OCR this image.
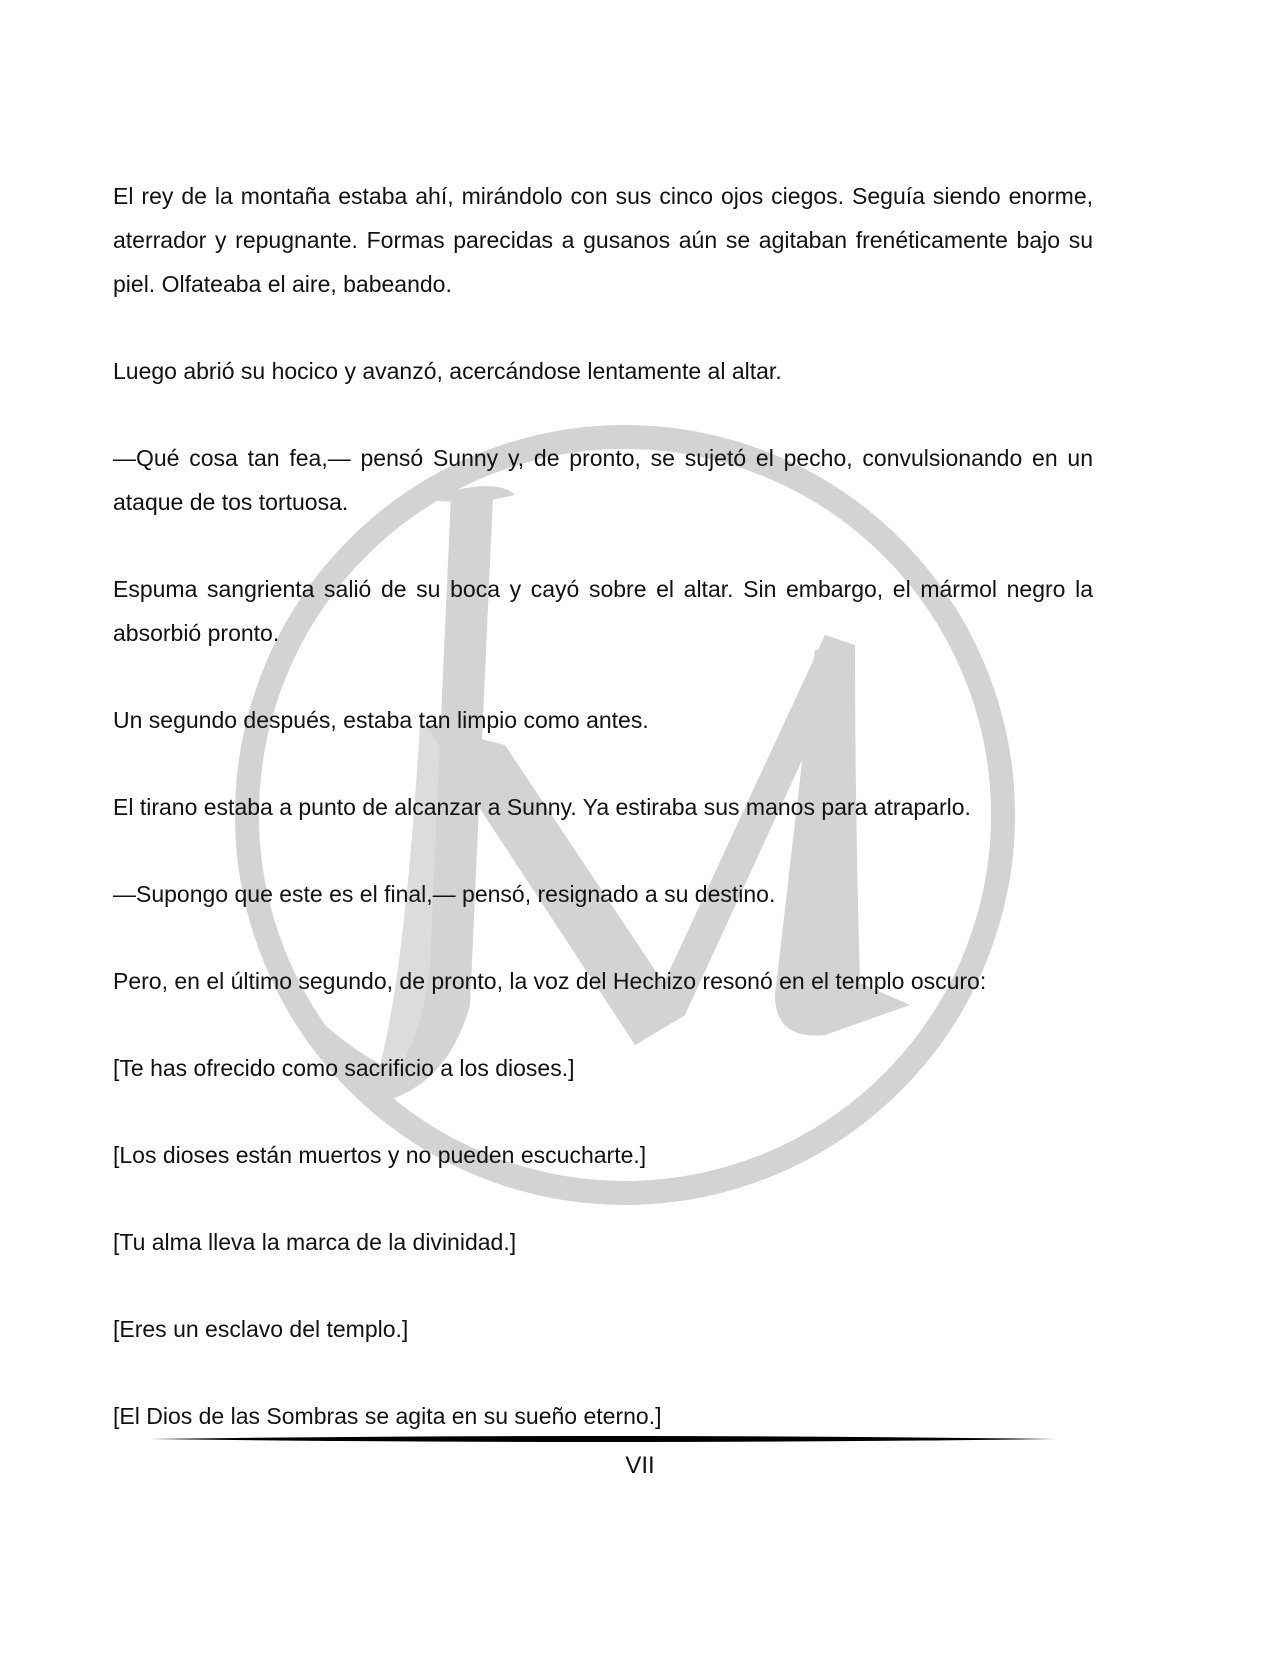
El rey de la montaña estaba ahí, mirándolo con sus cinco ojos ciegos. Seguía siendo enorme, aterrador y repugnante. Formas parecidas a gusanos aún se agitaban frenéticamente bajo su piel. Olfateaba el aire, babeando.

Luego abrió su hocico y avanzó, acercándose lentamente al altar.

—Qué cosa tan fea,— pensó Sunny y, de pronto, se sujetó el pecho, convulsionando en un ataque de tos tortuosa.

Espuma sangrienta salió de su boca y cayó sobre el altar. Sin embargo, el mármol negro la absorbió pronto.

Un segundo después, estaba tan limpio como antes.

El tirano estaba a punto de alcanzar a Sunny. Ya estiraba sus manos para atraparlo.

—Supongo que este es el final,— pensó, resignado a su destino.

Pero, en el último segundo, de pronto, la voz del Hechizo resonó en el templo oscuro:

[Te has ofrecido como sacrificio a los dioses.]

[Los dioses están muertos y no pueden escucharte.]

[Tu alma lleva la marca de la divinidad.]

[Eres un esclavo del templo.]

[El Dios de las Sombras se agita en su sueño eterno.]

VII
